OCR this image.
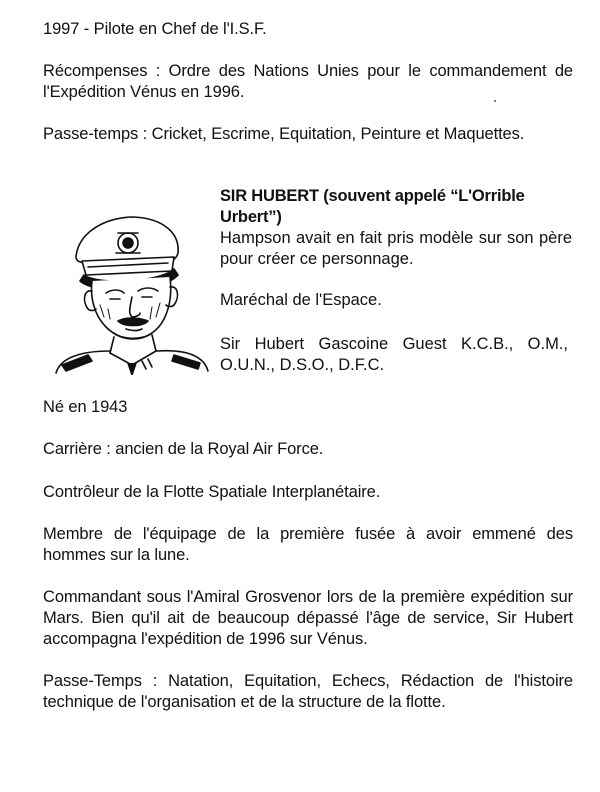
1997 - Pilote en Chef de l'I.S.F.

Récompenses : Ordre des Nations Unies pour le commandement de l'Expédition Vénus en 1996.

Passe-temps : Cricket, Escrime, Equitation, Peinture et Maquettes.

SIR HUBERT (souvent appelé “L'Orrible Urbert”)
Hampson avait en fait pris modèle sur son père pour créer ce personnage.

Maréchal de l'Espace.

Sir Hubert Gascoine Guest K.C.B., O.M., O.U.N., D.S.O., D.F.C.

Né en 1943

Carrière : ancien de la Royal Air Force.

Contrôleur de la Flotte Spatiale Interplanétaire.

Membre de l'équipage de la première fusée à avoir emmené des hommes sur la lune.

Commandant sous l'Amiral Grosvenor lors de la première expédition sur Mars. Bien qu'il ait de beaucoup dépassé l'âge de service, Sir Hubert accompagna l'expédition de 1996 sur Vénus.

Passe-Temps : Natation, Equitation, Echecs, Rédaction de l'histoire technique de l'organisation et de la structure de la flotte.
